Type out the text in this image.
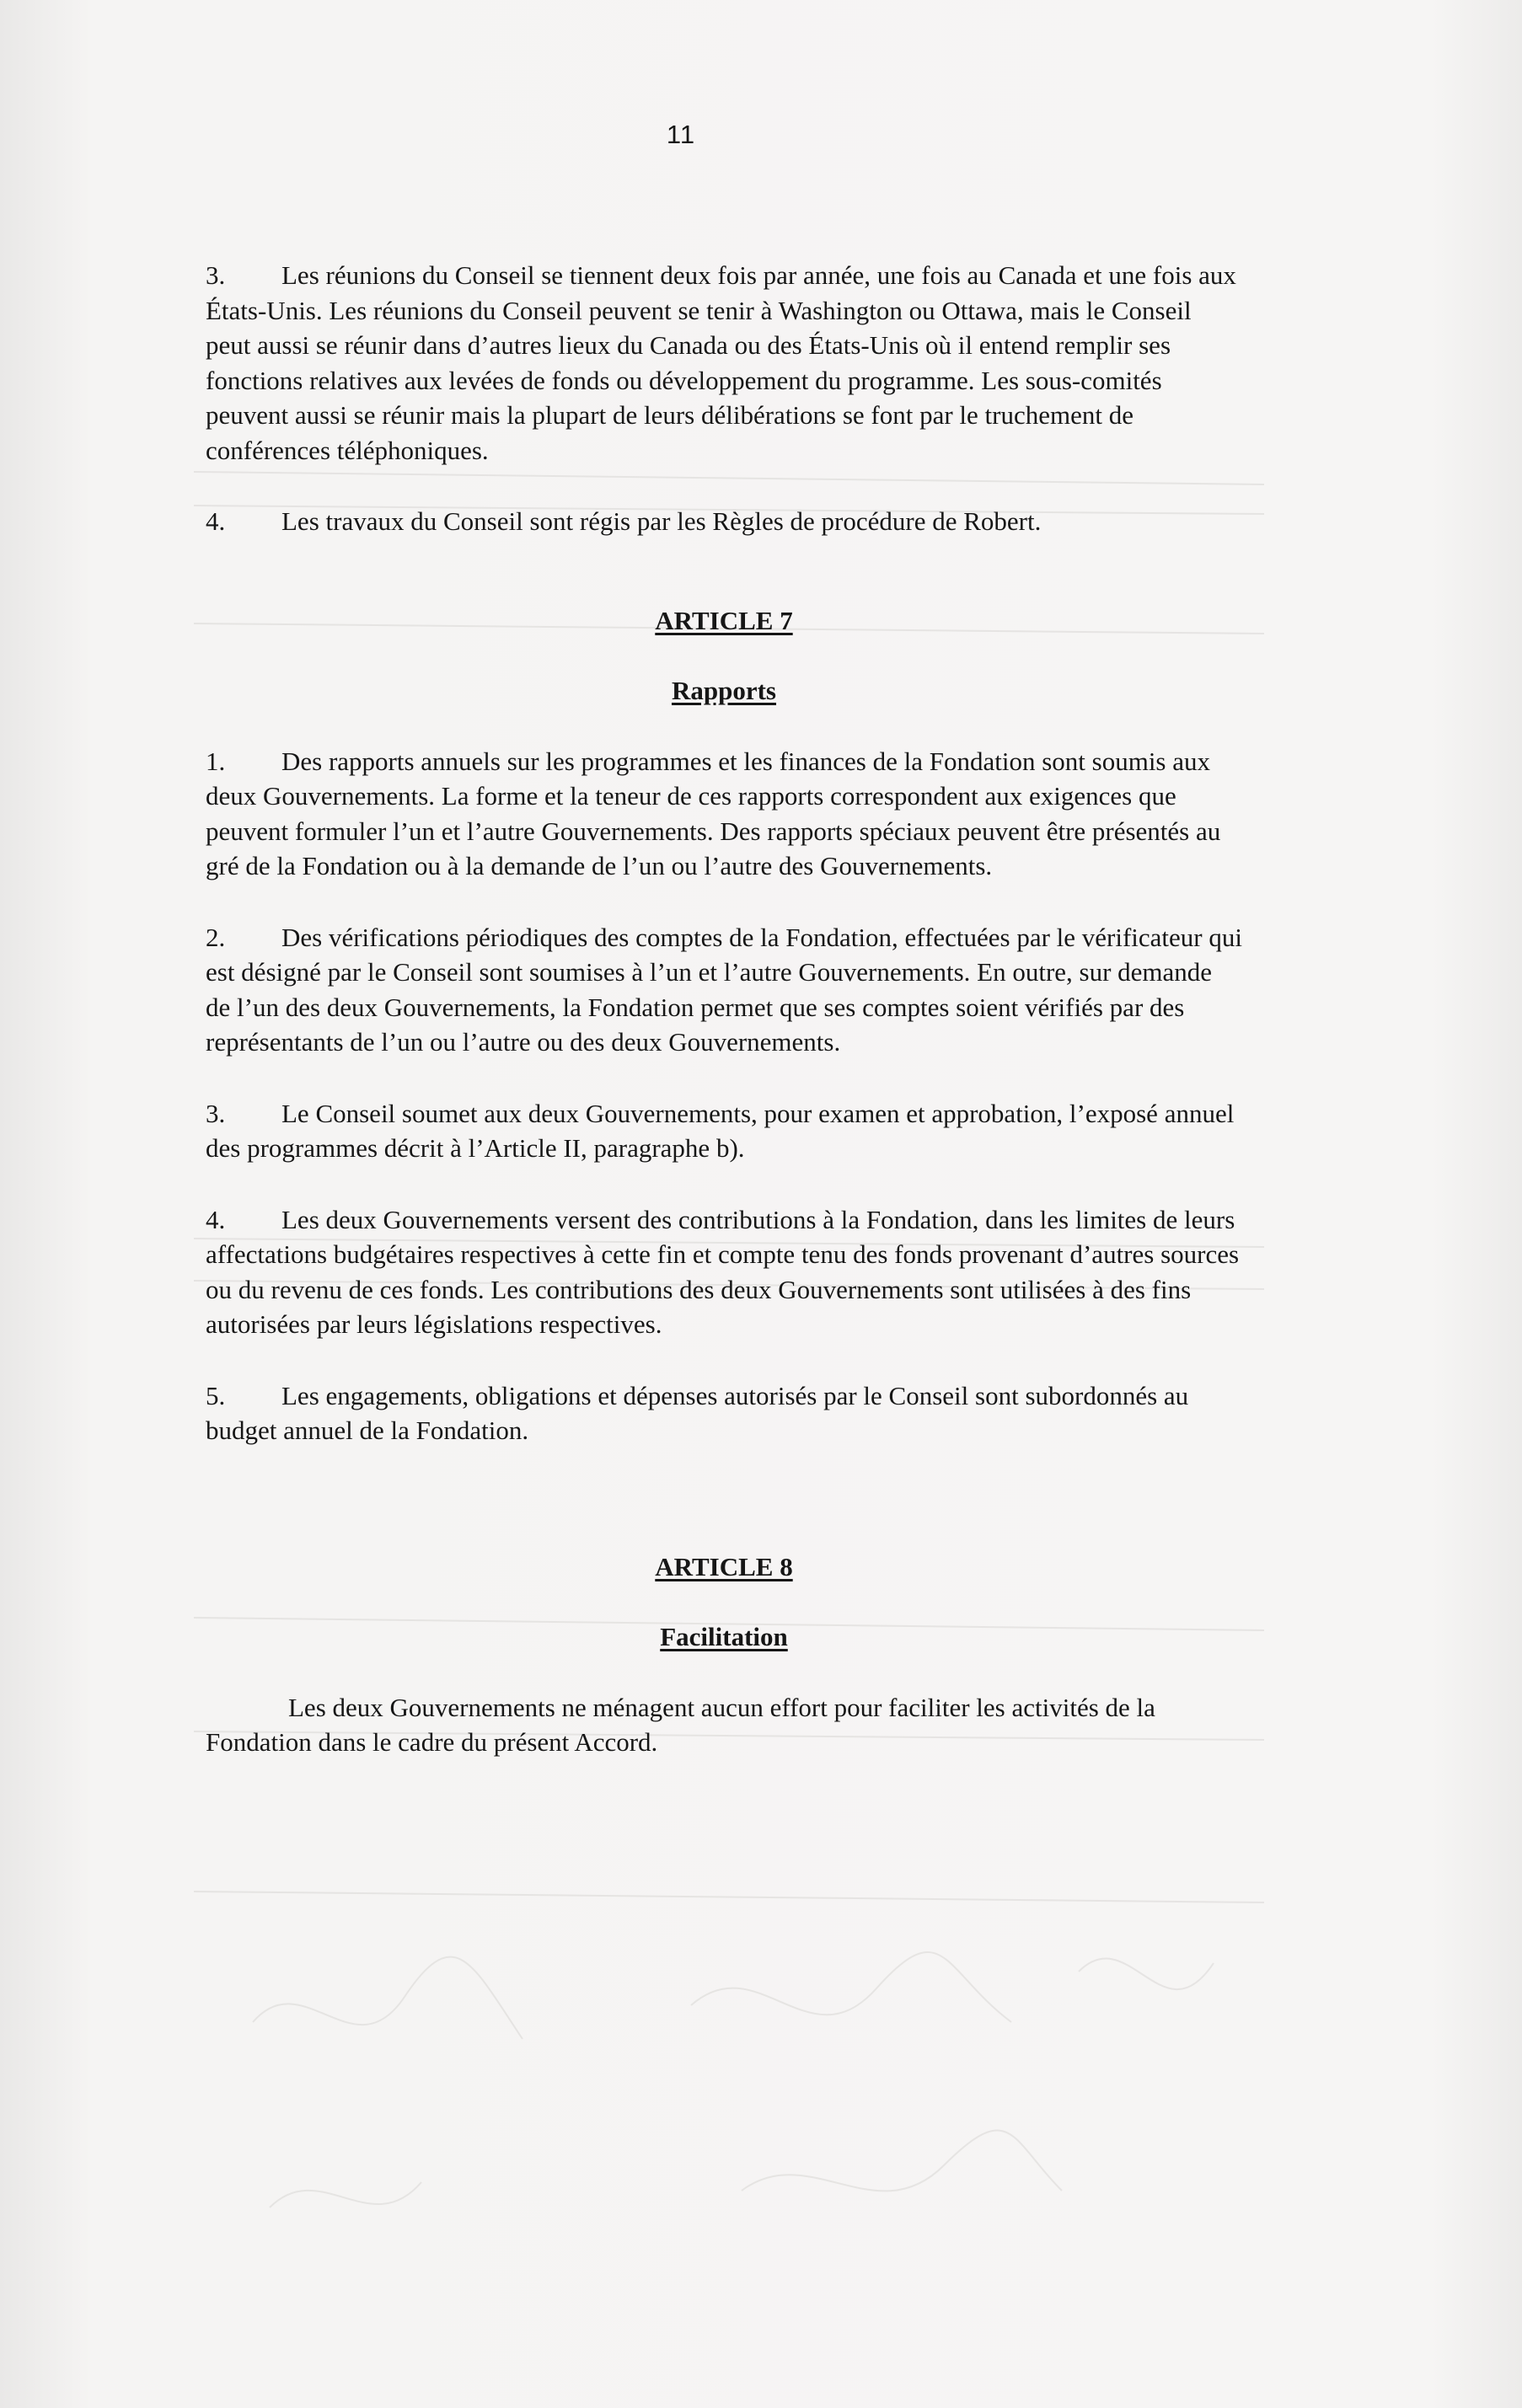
11

3. Les réunions du Conseil se tiennent deux fois par année, une fois au Canada et une fois aux États-Unis. Les réunions du Conseil peuvent se tenir à Washington ou Ottawa, mais le Conseil peut aussi se réunir dans d’autres lieux du Canada ou des États-Unis où il entend remplir ses fonctions relatives aux levées de fonds ou développement du programme. Les sous-comités peuvent aussi se réunir mais la plupart de leurs délibérations se font par le truchement de conférences téléphoniques.

4. Les travaux du Conseil sont régis par les Règles de procédure de Robert.

ARTICLE 7

Rapports

1. Des rapports annuels sur les programmes et les finances de la Fondation sont soumis aux deux Gouvernements. La forme et la teneur de ces rapports correspondent aux exigences que peuvent formuler l’un et l’autre Gouvernements. Des rapports spéciaux peuvent être présentés au gré de la Fondation ou à la demande de l’un ou l’autre des Gouvernements.

2. Des vérifications périodiques des comptes de la Fondation, effectuées par le vérificateur qui est désigné par le Conseil sont soumises à l’un et l’autre Gouvernements. En outre, sur demande de l’un des deux Gouvernements, la Fondation permet que ses comptes soient vérifiés par des représentants de l’un ou l’autre ou des deux Gouvernements.

3. Le Conseil soumet aux deux Gouvernements, pour examen et approbation, l’exposé annuel des programmes décrit à l’Article II, paragraphe b).

4. Les deux Gouvernements versent des contributions à la Fondation, dans les limites de leurs affectations budgétaires respectives à cette fin et compte tenu des fonds provenant d’autres sources ou du revenu de ces fonds. Les contributions des deux Gouvernements sont utilisées à des fins autorisées par leurs législations respectives.

5. Les engagements, obligations et dépenses autorisés par le Conseil sont subordonnés au budget annuel de la Fondation.

ARTICLE 8

Facilitation

Les deux Gouvernements ne ménagent aucun effort pour faciliter les activités de la Fondation dans le cadre du présent Accord.
